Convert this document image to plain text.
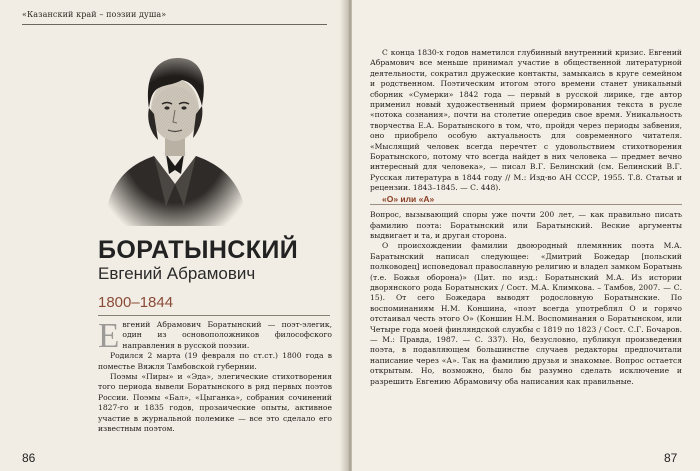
«Казанский край – поэзии душа»
БОРАТЫНСКИЙ
Евгений Абрамович
1800–1844

Евгений Абрамович Боратынский — поэт-элегик, один из основоположников философского направления в русской поэзии.

Родился 2 марта (19 февраля по ст.ст.) 1800 года в поместье Вяжля Тамбовской губернии.

Поэмы «Пиры» и «Эда», элегические стихотворения того периода вывели Боратынского в ряд первых поэтов России. Поэмы «Бал», «Цыганка», собрания сочинений 1827-го и 1835 годов, прозаические опыты, активное участие в журнальной полемике — все это сделало его известным поэтом.

86

С конца 1830-х годов наметился глубинный внутренний кризис. Евгений Абрамович все меньше принимал участие в общественной литературной деятельности, сократил дружеские контакты, замыкаясь в круге семейном и родственном. Поэтическим итогом этого времени станет уникальный сборник «Сумерки» 1842 года — первый в русской лирике, где автор применил новый художественный прием формирования текста в русле «потока сознания», почти на столетие опередив свое время. Уникальность творчества Е.А. Боратынского в том, что, пройдя через периоды забвения, оно приобрело особую актуальность для современного читателя. «Мыслящий человек всегда перечтет с удовольствием стихотворения Боратынского, потому что всегда найдет в них человека — предмет вечно интересный для человека», — писал В.Г. Белинский (см. Белинский В.Г. Русская литература в 1844 году // М.: Изд-во АН СССР, 1955. Т.8. Статьи и рецензии. 1843–1845. — С. 448).

«О» или «А»

Вопрос, вызывающий споры уже почти 200 лет, — как правильно писать фамилию поэта: Боратынский или Баратынский. Веские аргументы выдвигает и та, и другая сторона.

О происхождении фамилии двоюродный племянник поэта М.А. Баратынский написал следующее: «Дмитрий Божедар [польский полководец] исповедовал православную религию и владел замком Боратынь (т.е. Божья оборона)» (Цит. по изд.: Боратынский М.А. Из истории дворянского рода Боратынских / Сост. М.А. Климкова. – Тамбов, 2007. — С. 15). От сего Божедара выводят родословную Боратынские. По воспоминаниям Н.М. Коншина, «поэт всегда употреблял О и горячо отстаивал честь этого О» (Коншин Н.М. Воспоминания о Боратынском, или Четыре года моей финляндской службы с 1819 по 1823 / Сост. С.Г. Бочаров. — М.: Правда, 1987. — С. 337). Но, безусловно, публикуя произведения поэта, в подавляющем большинстве случаев редакторы предпочитали написание через «А». Так на фамилию друзья и знакомые. Вопрос остается открытым. Но, возможно, было бы разумно сделать исключение и разрешить Евгению Абрамовичу оба написания как правильные.

87
